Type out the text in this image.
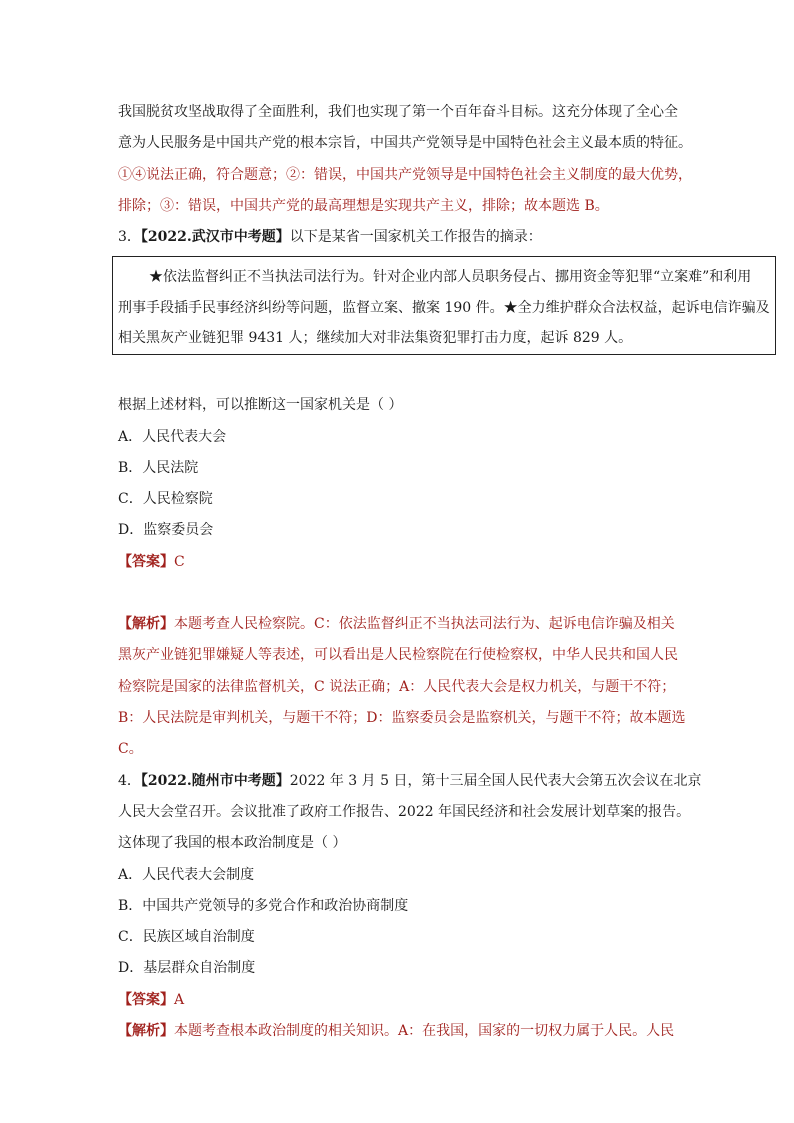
我国脱贫攻坚战取得了全面胜利，我们也实现了第一个百年奋斗目标。这充分体现了全心全
意为人民服务是中国共产党的根本宗旨，中国共产党领导是中国特色社会主义最本质的特征。
①④说法正确，符合题意；②：错误，中国共产党领导是中国特色社会主义制度的最大优势，
排除；③：错误，中国共产党的最高理想是实现共产主义，排除；故本题选 B。
3．【2022.武汉市中考题】以下是某省一国家机关工作报告的摘录：
★依法监督纠正不当执法司法行为。针对企业内部人员职务侵占、挪用资金等犯罪“立案难”和利用
刑事手段插手民事经济纠纷等问题，监督立案、撤案 190 件。★全力维护群众合法权益，起诉电信诈骗及
相关黑灰产业链犯罪 9431 人；继续加大对非法集资犯罪打击力度，起诉 829 人。
根据上述材料，可以推断这一国家机关是（ ）
A．人民代表大会
B．人民法院
C．人民检察院
D．监察委员会
【答案】C
【解析】本题考查人民检察院。C：依法监督纠正不当执法司法行为、起诉电信诈骗及相关
黑灰产业链犯罪嫌疑人等表述，可以看出是人民检察院在行使检察权，中华人民共和国人民
检察院是国家的法律监督机关，C 说法正确；A：人民代表大会是权力机关，与题干不符；
B：人民法院是审判机关，与题干不符；D：监察委员会是监察机关，与题干不符；故本题选
C。
4．【2022.随州市中考题】2022 年 3 月 5 日，第十三届全国人民代表大会第五次会议在北京
人民大会堂召开。会议批准了政府工作报告、2022 年国民经济和社会发展计划草案的报告。
这体现了我国的根本政治制度是（ ）
A．人民代表大会制度
B．中国共产党领导的多党合作和政治协商制度
C．民族区域自治制度
D．基层群众自治制度
【答案】A
【解析】本题考查根本政治制度的相关知识。A：在我国，国家的一切权力属于人民。人民
